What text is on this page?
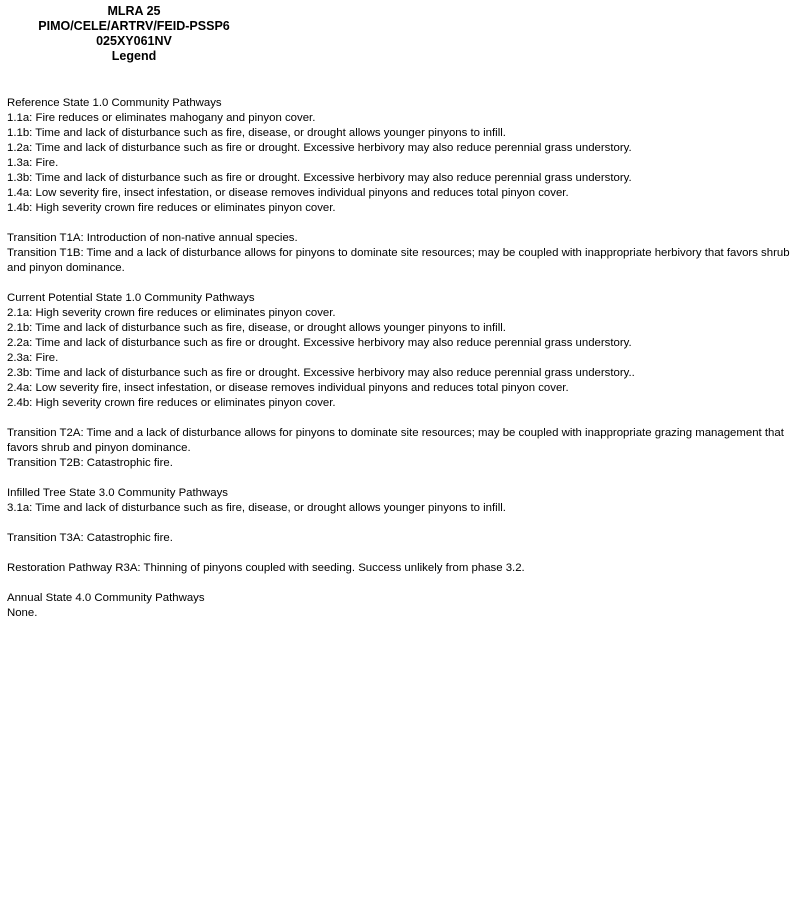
MLRA 25
PIMO/CELE/ARTRV/FEID-PSSP6
025XY061NV
Legend
Reference State 1.0 Community Pathways
1.1a: Fire reduces or eliminates mahogany and pinyon cover.
1.1b: Time and lack of disturbance such as fire, disease, or drought allows younger pinyons to infill.
1.2a: Time and lack of disturbance such as fire or drought. Excessive herbivory may also reduce perennial grass understory.
1.3a: Fire.
1.3b: Time and lack of disturbance such as fire or drought. Excessive herbivory may also reduce perennial grass understory.
1.4a: Low severity fire, insect infestation, or disease removes individual pinyons and reduces total pinyon cover.
1.4b: High severity crown fire reduces or eliminates pinyon cover.
Transition T1A: Introduction of non-native annual species.
Transition T1B: Time and a lack of disturbance allows for pinyons to dominate site resources; may be coupled with inappropriate herbivory that favors shrub and pinyon dominance.
Current Potential State 1.0 Community Pathways
2.1a: High severity crown fire reduces or eliminates pinyon cover.
2.1b: Time and lack of disturbance such as fire, disease, or drought allows younger pinyons to infill.
2.2a: Time and lack of disturbance such as fire or drought. Excessive herbivory may also reduce perennial grass understory.
2.3a: Fire.
2.3b: Time and lack of disturbance such as fire or drought. Excessive herbivory may also reduce perennial grass understory..
2.4a: Low severity fire, insect infestation, or disease removes individual pinyons and reduces total pinyon cover.
2.4b: High severity crown fire reduces or eliminates pinyon cover.
Transition T2A: Time and a lack of disturbance allows for pinyons to dominate site resources; may be coupled with inappropriate grazing management that favors shrub and pinyon dominance.
Transition T2B: Catastrophic fire.
Infilled Tree State 3.0 Community Pathways
3.1a: Time and lack of disturbance such as fire, disease, or drought allows younger pinyons to infill.
Transition T3A: Catastrophic fire.
Restoration Pathway R3A: Thinning of pinyons coupled with seeding. Success unlikely from phase 3.2.
Annual State 4.0 Community Pathways
None.
